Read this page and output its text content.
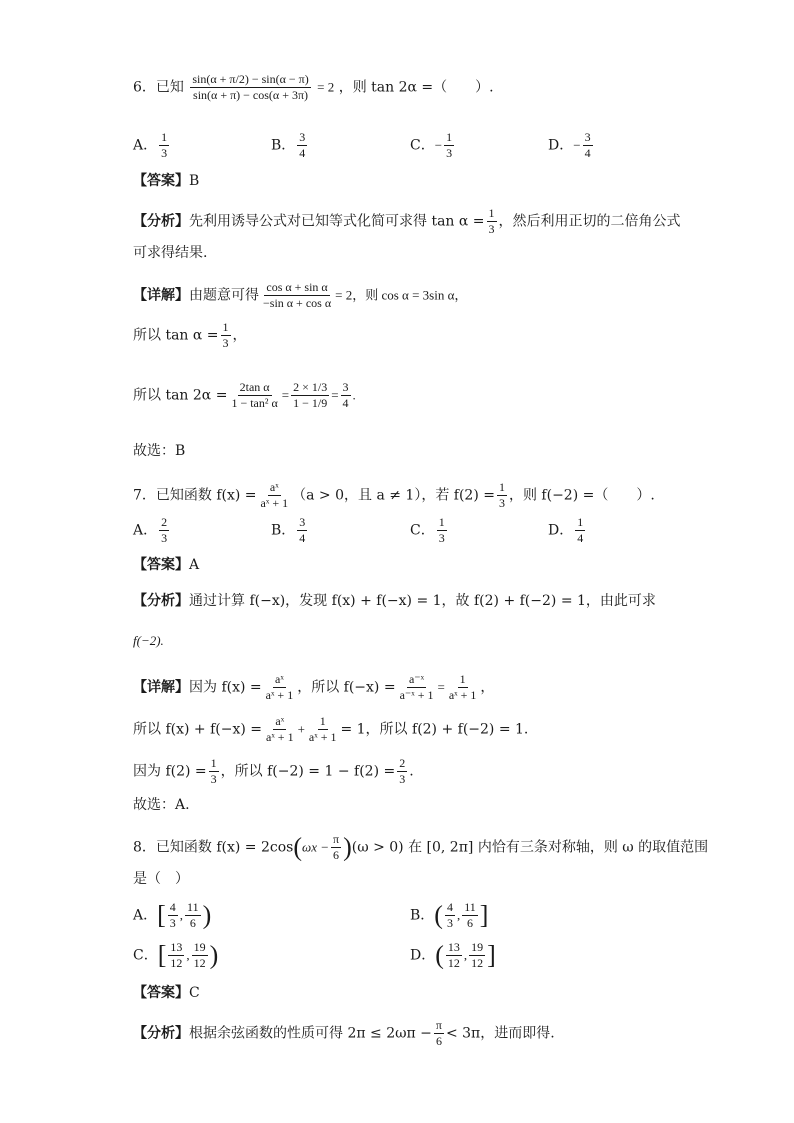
6．已知 $\frac{\sin(\alpha + \pi/2) - \sin(\alpha - \pi)}{\sin(\alpha + \pi) - \cos(\alpha + 3\pi)} = 2$ ，则 tan 2α =（　　）.
A． $\frac{1}{3}$	B． $\frac{3}{4}$	C．− $\frac{1}{3}$	D．− $\frac{3}{4}$
【答案】B
【分析】先利用诱导公式对已知等式化简可求得 $\tan \alpha = \frac{1}{3}$ ，然后利用正切的二倍角公式
可求得结果.
【详解】由题意可得 $\frac{\text{cos α + sin α}}{\text{−sin α + cos α}} = 2$，则 cos α = 3sin α，
所以 $\tan \alpha = \frac{1}{3}$ ，
所以 $\tan 2\alpha = \frac{\text{2tan α}}{\text{1 − tan² α}} = \frac{2 \times 1/3}{1 - 1/9} = \frac{3}{4}$ .
故选：B
7．已知函数 $f(x) = \frac{\text{aˣ}}{\text{aˣ + 1}} (a > 0$，且 a ≠ 1），若 $f(2) = \frac{1}{3}$ ，则 f(−2) =（　　）.
A． $\frac{2}{3}$	B． $\frac{3}{4}$	C． $\frac{1}{3}$	D． $\frac{1}{4}$
【答案】A
【分析】通过计算 f(−x)，发现 f(x) + f(−x) = 1，故 f(2) + f(−2) = 1，由此可求
f(−2).
【详解】因为 $f(x) = \frac{\text{aˣ}}{\text{aˣ + 1}}$ ，所以 $f(-x) = \frac{\text{a⁻ˣ}}{\text{a⁻ˣ + 1}} = \frac{1}{\text{aˣ + 1}}$ ，
所以 $f(x) + f(-x) = \frac{\text{aˣ}}{\text{aˣ + 1}} + \frac{1}{\text{aˣ + 1}} = 1$，所以 f(2) + f(−2) = 1.
因为 $f(2) = \frac{1}{3}$ ，所以 $f(-2) = 1 - f(2) = \frac{2}{3}$ .
故选：A.
8．已知函数 $f(x) = 2\cos(\omega x - \frac{\pi}{6} )(\omega > 0)$ 在 [0, 2π] 内恰有三条对称轴，则 ω 的取值范围
是（　）
A．[ $\frac{4}{3}$ , $\frac{11}{6}$ )	B．( $\frac{4}{3}$ , $\frac{11}{6}$ ]
C．[ $\frac{13}{12}$ , $\frac{19}{12}$ )	D．( $\frac{13}{12}$ , $\frac{19}{12}$ ]
【答案】C
【分析】根据余弦函数的性质可得 $2\pi \le 2\omega\pi - \frac{\pi}{6} < 3\pi$，进而即得.
